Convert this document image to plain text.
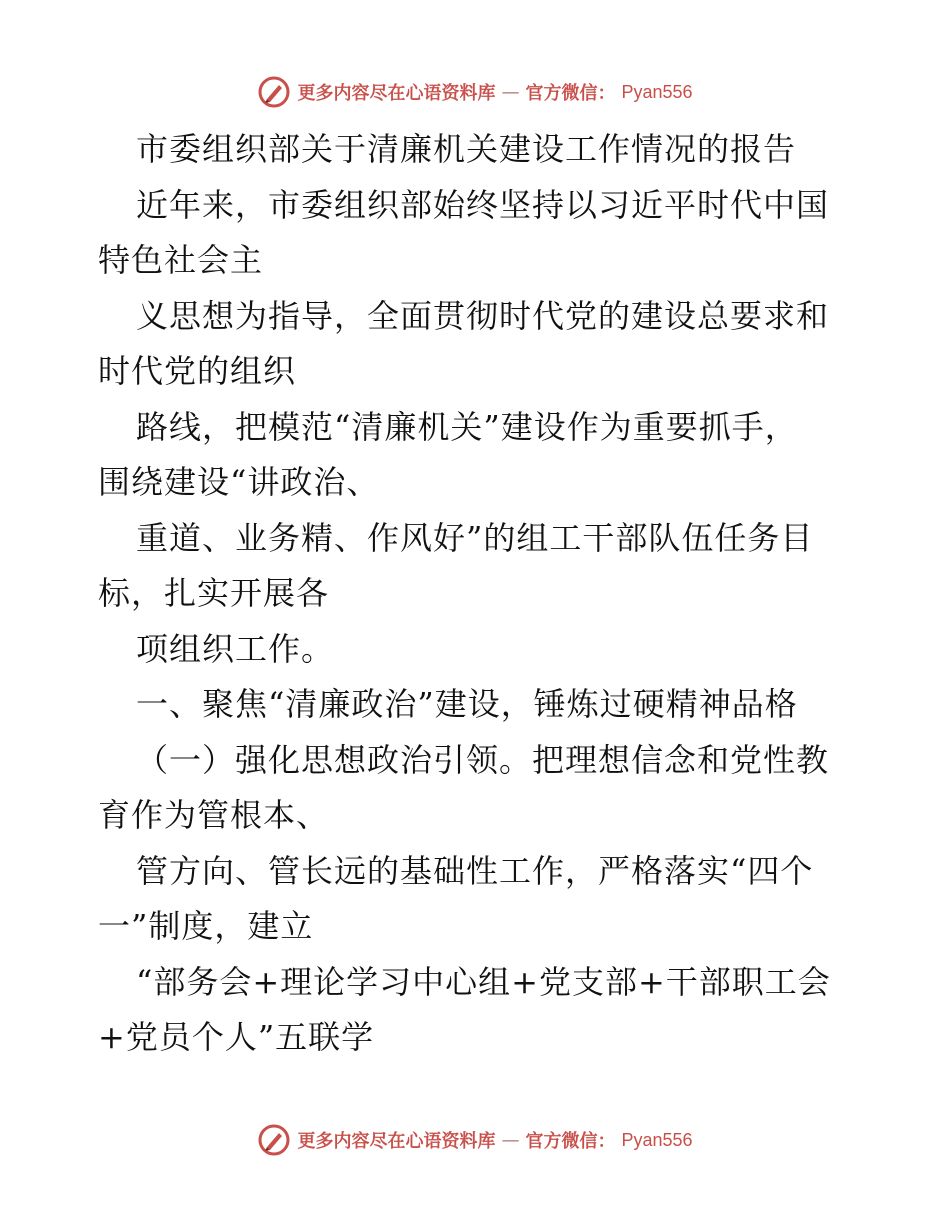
更多内容尽在心语资料库 — 官方微信： Pyan556
市委组织部关于清廉机关建设工作情况的报告
近年来，市委组织部始终坚持以习近平时代中国
特色社会主
义思想为指导，全面贯彻时代党的建设总要求和
时代党的组织
路线，把模范“清廉机关”建设作为重要抓手，
围绕建设“讲政治、
重道、业务精、作风好”的组工干部队伍任务目
标，扎实开展各
项组织工作。
一、聚焦“清廉政治”建设，锤炼过硬精神品格
（一）强化思想政治引领。把理想信念和党性教
育作为管根本、
管方向、管长远的基础性工作，严格落实“四个
一”制度，建立
“部务会+理论学习中心组+党支部+干部职工会
+党员个人”五联学
更多内容尽在心语资料库 — 官方微信： Pyan556
